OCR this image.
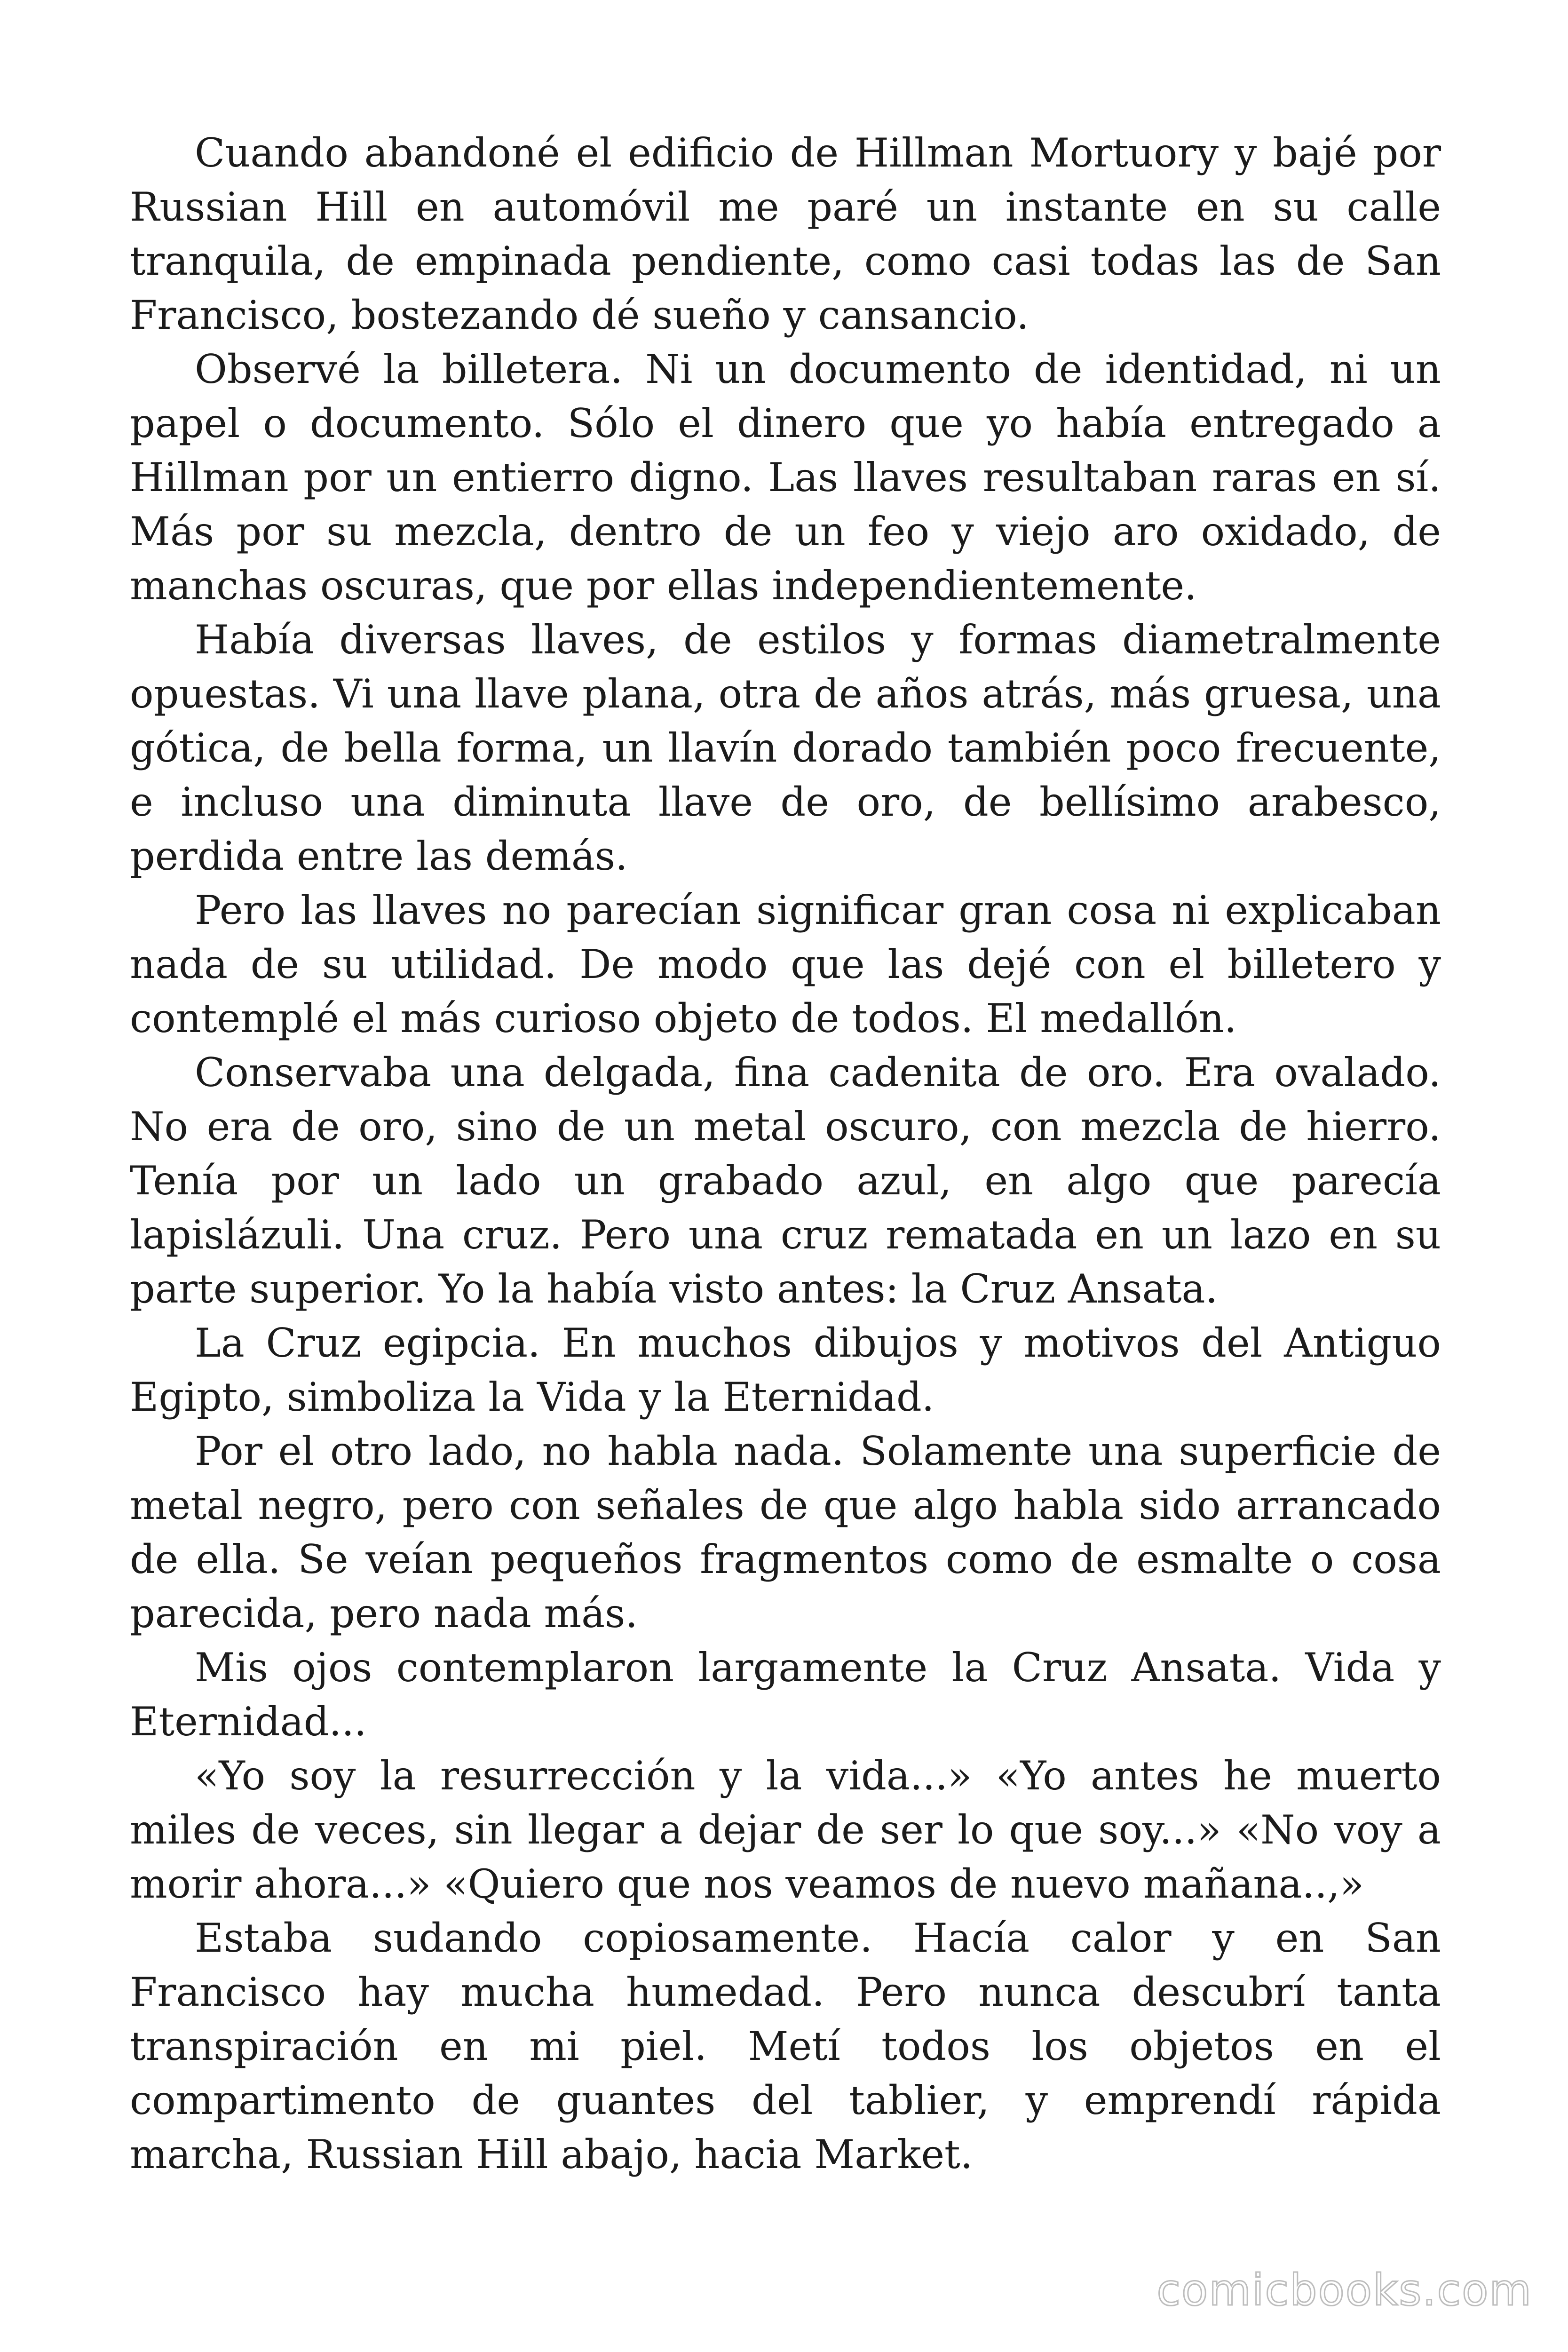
Cuando abandoné el edificio de Hillman Mortuory y bajé por Russian Hill en automóvil me paré un instante en su calle tranquila, de empinada pendiente, como casi todas las de San Francisco, bostezando dé sueño y cansancio.

Observé la billetera. Ni un documento de identidad, ni un papel o documento. Sólo el dinero que yo había entregado a Hillman por un entierro digno. Las llaves resultaban raras en sí. Más por su mezcla, dentro de un feo y viejo aro oxidado, de manchas oscuras, que por ellas independientemente.

Había diversas llaves, de estilos y formas diametralmente opuestas. Vi una llave plana, otra de años atrás, más gruesa, una gótica, de bella forma, un llavín dorado también poco frecuente, e incluso una diminuta llave de oro, de bellísimo arabesco, perdida entre las demás.

Pero las llaves no parecían significar gran cosa ni explicaban nada de su utilidad. De modo que las dejé con el billetero y contemplé el más curioso objeto de todos. El medallón.

Conservaba una delgada, fina cadenita de oro. Era ovalado. No era de oro, sino de un metal oscuro, con mezcla de hierro. Tenía por un lado un grabado azul, en algo que parecía lapislázuli. Una cruz. Pero una cruz rematada en un lazo en su parte superior. Yo la había visto antes: la Cruz Ansata.

La Cruz egipcia. En muchos dibujos y motivos del Antiguo Egipto, simboliza la Vida y la Eternidad.

Por el otro lado, no habla nada. Solamente una superficie de metal negro, pero con señales de que algo habla sido arrancado de ella. Se veían pequeños fragmentos como de esmalte o cosa parecida, pero nada más.

Mis ojos contemplaron largamente la Cruz Ansata. Vida y Eternidad...

«Yo soy la resurrección y la vida...» «Yo antes he muerto miles de veces, sin llegar a dejar de ser lo que soy...» «No voy a morir ahora...» «Quiero que nos veamos de nuevo mañana..,»

Estaba sudando copiosamente. Hacía calor y en San Francisco hay mucha humedad. Pero nunca descubrí tanta transpiración en mi piel. Metí todos los objetos en el compartimento de guantes del tablier, y emprendí rápida marcha, Russian Hill abajo, hacia Market.

comicbooks.com
